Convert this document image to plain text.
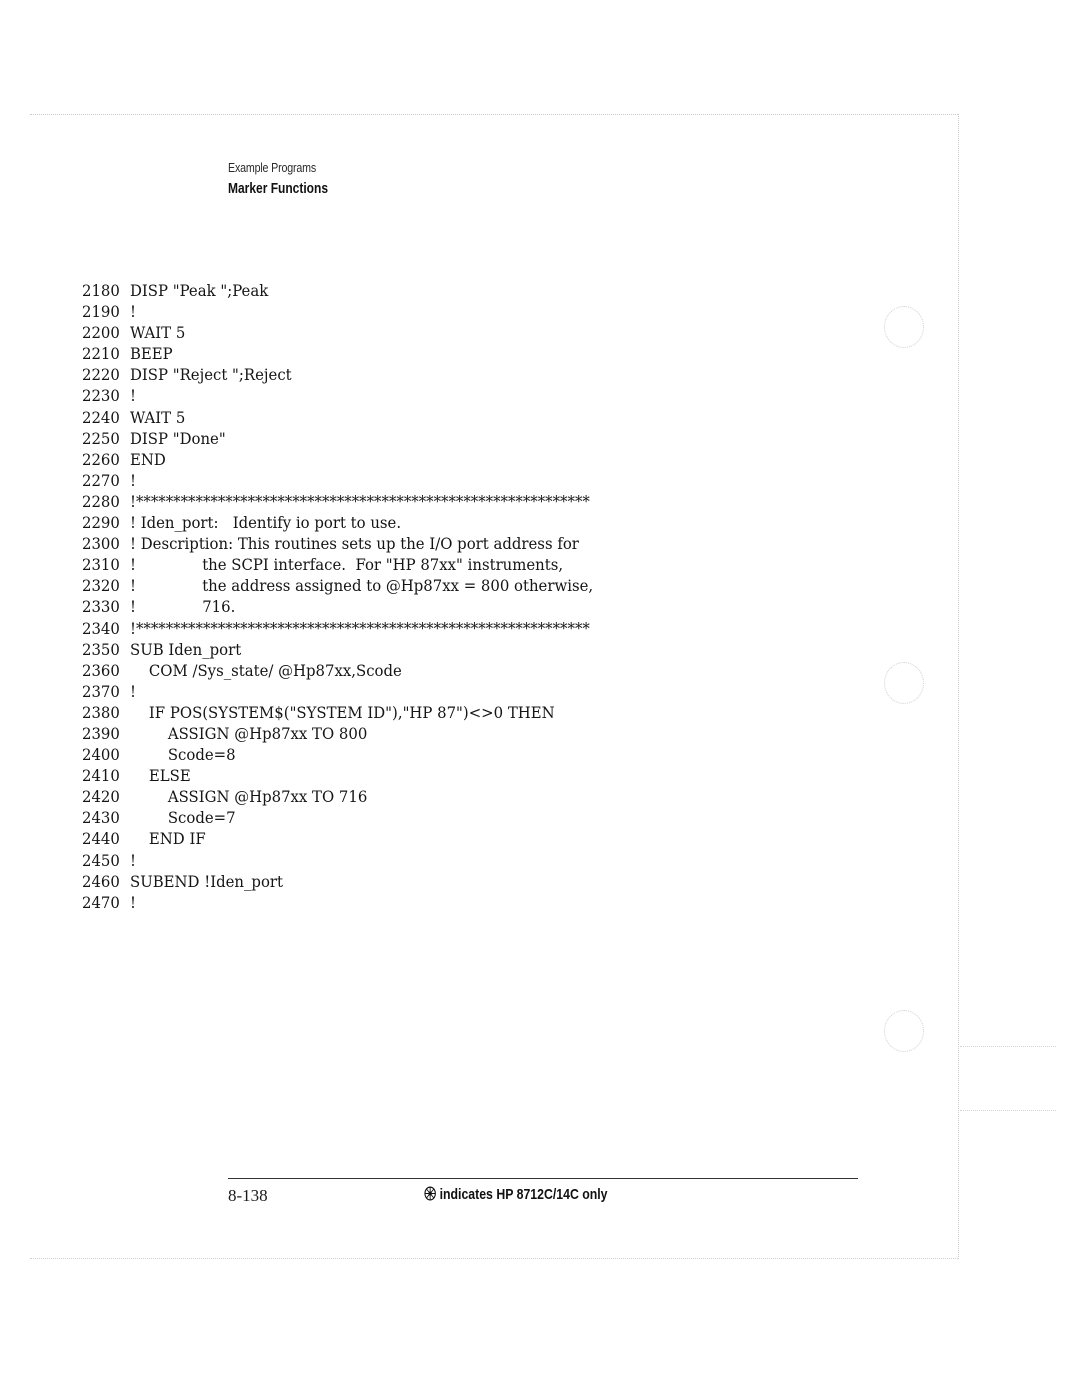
Example Programs
Marker Functions
2180 DISP "Peak ";Peak
2190 !
2200 WAIT 5
2210 BEEP
2220 DISP "Reject ";Reject
2230 !
2240 WAIT 5
2250 DISP "Done"
2260 END
2270 !
2280 !*************************************************************
2290 ! Iden_port:   Identify io port to use.
2300 ! Description: This routines sets up the I/O port address for
2310 !              the SCPI interface.  For "HP 87xx" instruments,
2320 !              the address assigned to @Hp87xx = 800 otherwise,
2330 !              716.
2340 !*************************************************************
2350 SUB Iden_port
2360    COM /Sys_state/ @Hp87xx,Scode
2370 !
2380    IF POS(SYSTEM$("SYSTEM ID"),"HP 87")<>0 THEN
2390        ASSIGN @Hp87xx TO 800
2400        Scode=8
2410    ELSE
2420        ASSIGN @Hp87xx TO 716
2430        Scode=7
2440    END IF
2450 !
2460 SUBEND !Iden_port
2470 !
8-138	indicates HP 8712C/14C only
